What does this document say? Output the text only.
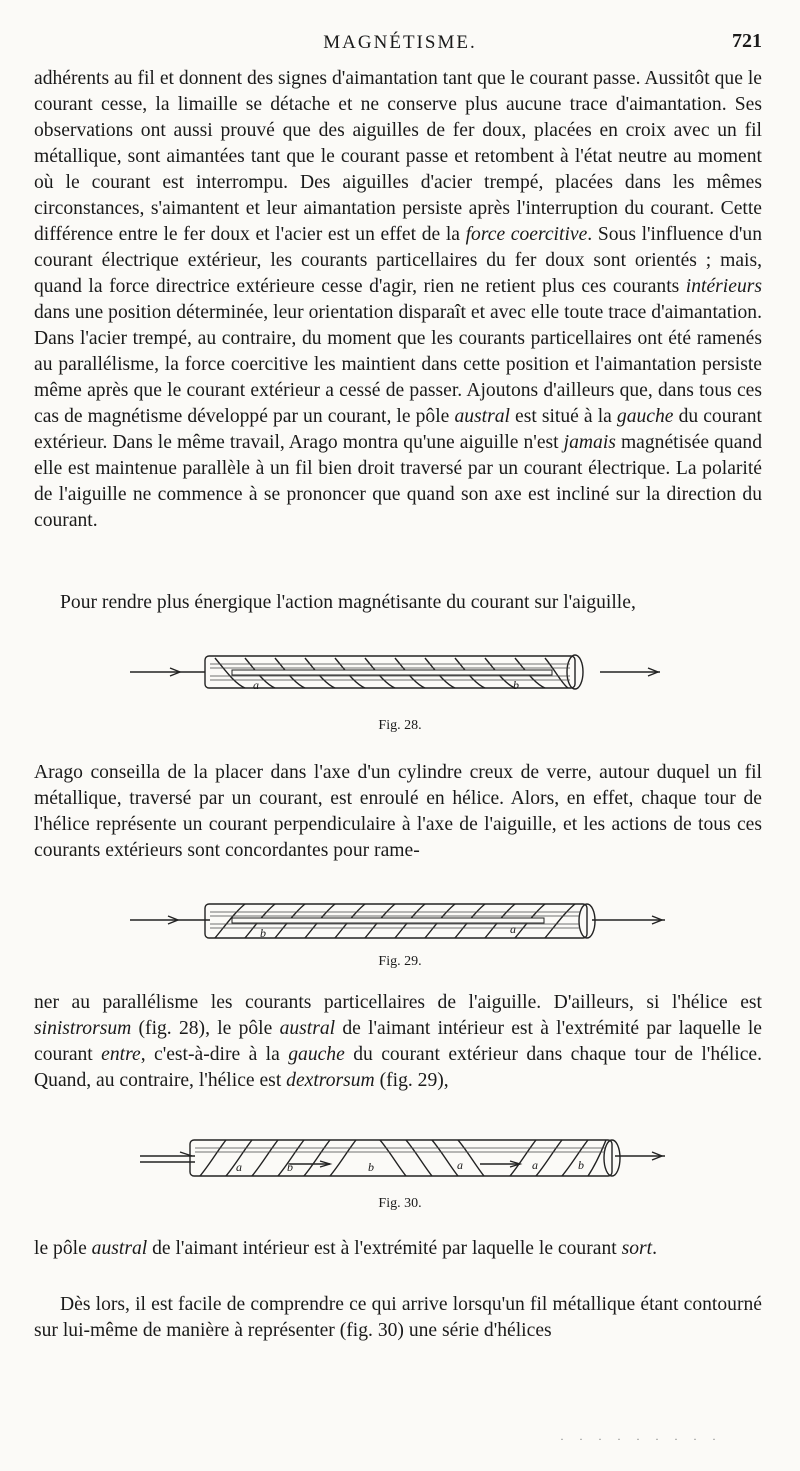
MAGNÉTISME.	721

adhérents au fil et donnent des signes d'aimantation tant que le courant passe. Aussitôt que le courant cesse, la limaille se détache et ne conserve plus aucune trace d'aimantation. Ses observations ont aussi prouvé que des aiguilles de fer doux, placées en croix avec un fil métallique, sont aimantées tant que le courant passe et retombent à l'état neutre au moment où le courant est interrompu. Des aiguilles d'acier trempé, placées dans les mêmes circonstances, s'aimantent et leur aimantation persiste après l'interruption du courant. Cette différence entre le fer doux et l'acier est un effet de la force coercitive. Sous l'influence d'un courant électrique extérieur, les courants particellaires du fer doux sont orientés ; mais, quand la force directrice extérieure cesse d'agir, rien ne retient plus ces courants intérieurs dans une position déterminée, leur orientation disparaît et avec elle toute trace d'aimantation. Dans l'acier trempé, au contraire, du moment que les courants particellaires ont été ramenés au parallélisme, la force coercitive les maintient dans cette position et l'aimantation persiste même après que le courant extérieur a cessé de passer. Ajoutons d'ailleurs que, dans tous ces cas de magnétisme développé par un courant, le pôle austral est situé à la gauche du courant extérieur. Dans le même travail, Arago montra qu'une aiguille n'est jamais magnétisée quand elle est maintenue parallèle à un fil bien droit traversé par un courant électrique. La polarité de l'aiguille ne commence à se prononcer que quand son axe est incliné sur la direction du courant.

Pour rendre plus énergique l'action magnétisante du courant sur l'aiguille,

a	b
Fig. 28.

Arago conseilla de la placer dans l'axe d'un cylindre creux de verre, autour duquel un fil métallique, traversé par un courant, est enroulé en hélice. Alors, en effet, chaque tour de l'hélice représente un courant perpendiculaire à l'axe de l'aiguille, et les actions de tous ces courants extérieurs sont concordantes pour rame-

b	a
Fig. 29.

ner au parallélisme les courants particellaires de l'aiguille. D'ailleurs, si l'hélice est sinistrorsum (fig. 28), le pôle austral de l'aimant intérieur est à l'extrémité par laquelle le courant entre, c'est-à-dire à la gauche du courant extérieur dans chaque tour de l'hélice. Quand, au contraire, l'hélice est dextrorsum (fig. 29),

a	b	b	a	a	b
Fig. 30.

le pôle austral de l'aimant intérieur est à l'extrémité par laquelle le courant sort.

Dès lors, il est facile de comprendre ce qui arrive lorsqu'un fil métallique étant contourné sur lui-même de manière à représenter (fig. 30) une série d'hélices

· · · · · · · · ·
